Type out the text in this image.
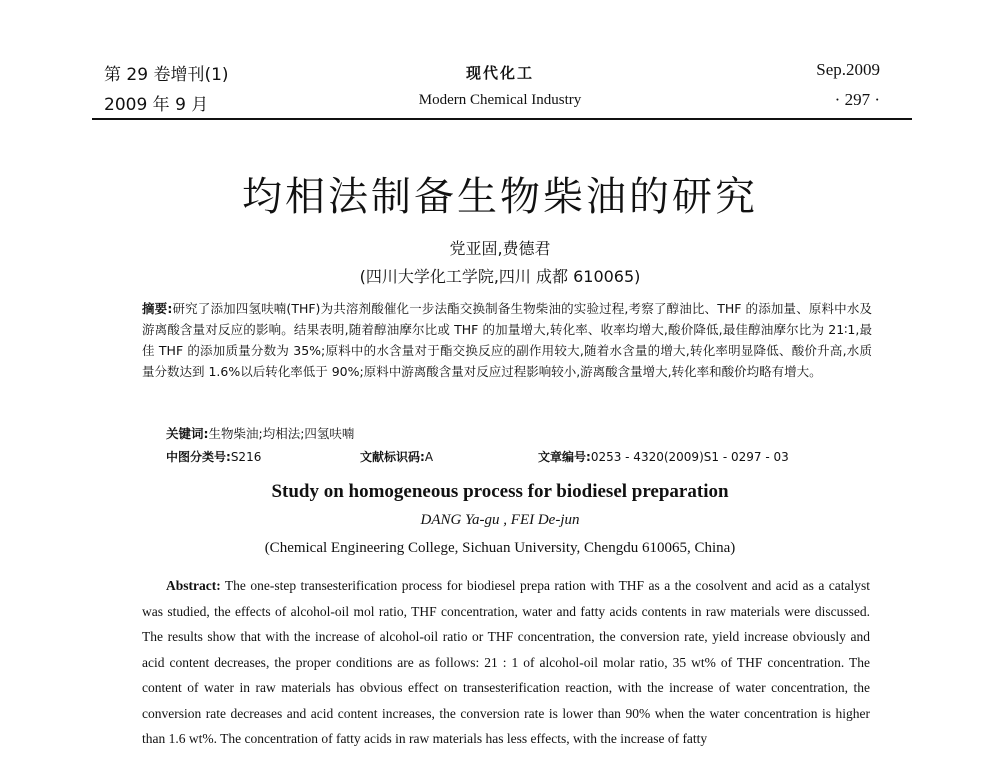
第 29 卷增刊(1)
2009 年 9 月
现代化工
Modern Chemical Industry
Sep.2009
· 297 ·
均相法制备生物柴油的研究
党亚固,费德君
(四川大学化工学院,四川 成都 610065)
摘要:研究了添加四氢呋喃(THF)为共溶剂酸催化一步法酯交换制备生物柴油的实验过程,考察了醇油比、THF 的添加量、原料中水及游离酸含量对反应的影响。结果表明,随着醇油摩尔比或 THF 的加量增大,转化率、收率均增大,酸价降低,最佳醇油摩尔比为 21∶1,最佳 THF 的添加质量分数为 35%;原料中的水含量对于酯交换反应的副作用较大,随着水含量的增大,转化率明显降低、酸价升高,水质量分数达到 1.6%以后转化率低于 90%;原料中游离酸含量对反应过程影响较小,游离酸含量增大,转化率和酸价均略有增大。
关键词:生物柴油;均相法;四氢呋喃
中图分类号:S216	文献标识码:A	文章编号:0253 - 4320(2009)S1 - 0297 - 03
Study on homogeneous process for biodiesel preparation
DANG Ya-gu , FEI De-jun
(Chemical Engineering College, Sichuan University, Chengdu 610065, China)
Abstract: The one-step transesterification process for biodiesel prepa ration with THF as a the cosolvent and acid as a catalyst was studied, the effects of alcohol-oil mol ratio, THF concentration, water and fatty acids contents in raw materials were discussed. The results show that with the increase of alcohol-oil ratio or THF concentration, the conversion rate, yield increase obviously and acid content decreases, the proper conditions are as follows: 21 : 1 of alcohol-oil molar ratio, 35 wt% of THF concentration. The content of water in raw materials has obvious effect on transesterification reaction, with the increase of water concentration, the conversion rate decreases and acid content increases, the conversion rate is lower than 90% when the water concentration is higher than 1.6 wt%. The concentration of fatty acids in raw materials has less effects, with the increase of fatty
